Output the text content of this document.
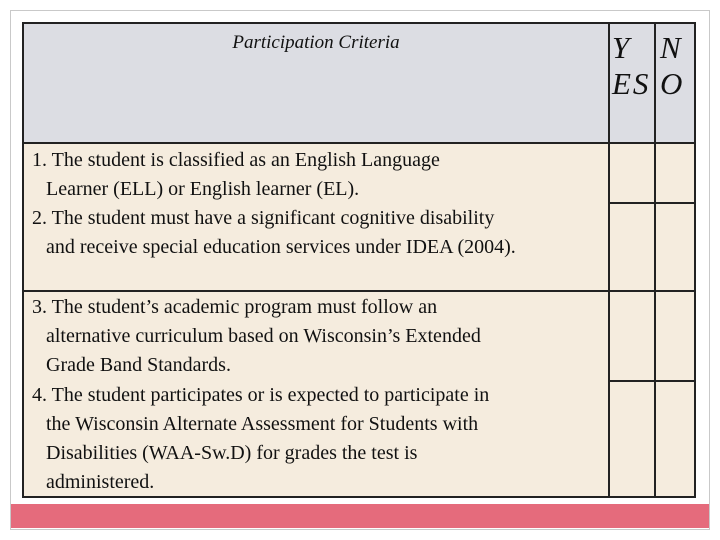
Participation Criteria	Y
ES
N
O
1. The student is classified as an English Language
Learner (ELL) or English learner (EL).
2. The student must have a significant cognitive disability
and receive special education services under IDEA (2004).
3. The student’s academic program must follow an
alternative curriculum based on Wisconsin’s Extended
Grade Band Standards.
4. The student participates or is expected to participate in
the Wisconsin Alternate Assessment for Students with
Disabilities (WAA-Sw.D) for grades the test is
administered.
